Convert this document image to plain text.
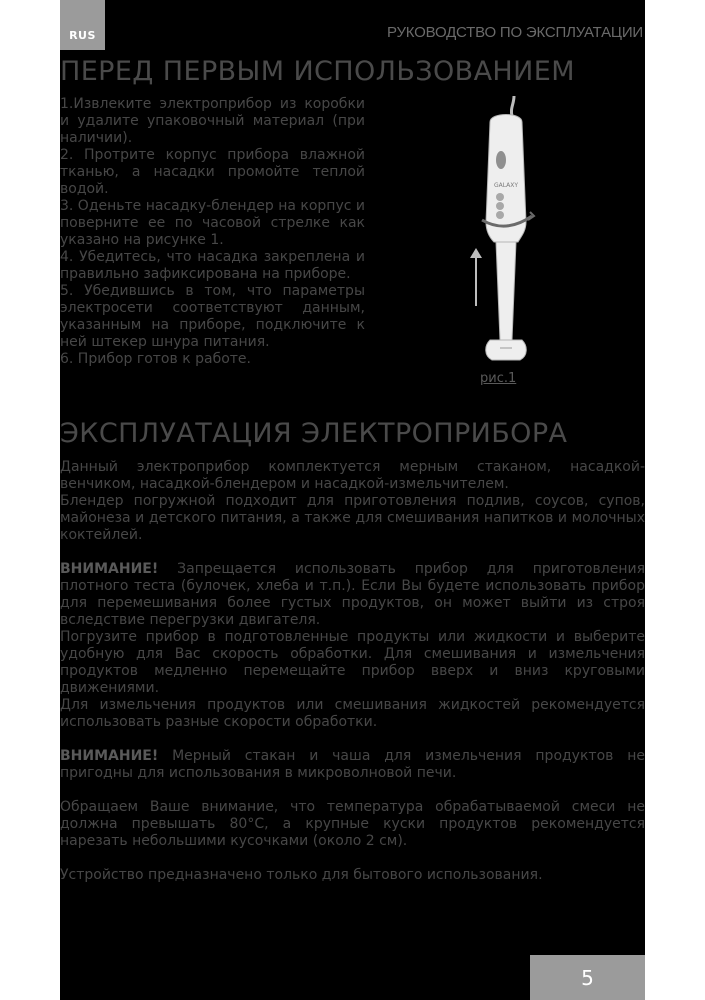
RUS	РУКОВОДСТВО ПО ЭКСПЛУАТАЦИИ
ПЕРЕД ПЕРВЫМ ИСПОЛЬЗОВАНИЕМ

1.Извлеките электроприбор из коробки и удалите упаковочный материал (при наличии).

2. Протрите корпус прибора влажной тканью, а насадки промойте теплой водой.

3. Оденьте насадку-блендер на корпус и поверните ее по часовой стрелке как указано на рисунке 1.

4. Убедитесь, что насадка закреплена и правильно зафиксирована на приборе.

5. Убедившись в том, что параметры электросети соответствуют данным, указанным на приборе, подключите к ней штекер шнура питания.

6. Прибор готов к работе.

GALAXY
рис.1
ЭКСПЛУАТАЦИЯ ЭЛЕКТРОПРИБОРА

Данный электроприбор комплектуется мерным стаканом, насадкой-венчиком, насадкой-блендером и насадкой-измельчителем.

Блендер погружной подходит для приготовления подлив, соусов, супов, майонеза и детского питания, а также для смешивания напитков и молочных коктейлей.

ВНИМАНИЕ! Запрещается использовать прибор для приготовления плотного теста (булочек, хлеба и т.п.). Если Вы будете использовать прибор для перемешивания более густых продуктов, он может выйти из строя вследствие перегрузки двигателя.

Погрузите прибор в подготовленные продукты или жидкости и выберите удобную для Вас скорость обработки. Для смешивания и измельчения продуктов медленно перемещайте прибор вверх и вниз круговыми движениями.

Для измельчения продуктов или смешивания жидкостей рекомендуется использовать разные скорости обработки.

ВНИМАНИЕ! Мерный стакан и чаша для измельчения продуктов не пригодны для использования в микроволновой печи.

Обращаем Ваше внимание, что температура обрабатываемой смеси не должна превышать 80°С, а крупные куски продуктов рекомендуется нарезать небольшими кусочками (около 2 см).

Устройство предназначено только для бытового использования.

5
